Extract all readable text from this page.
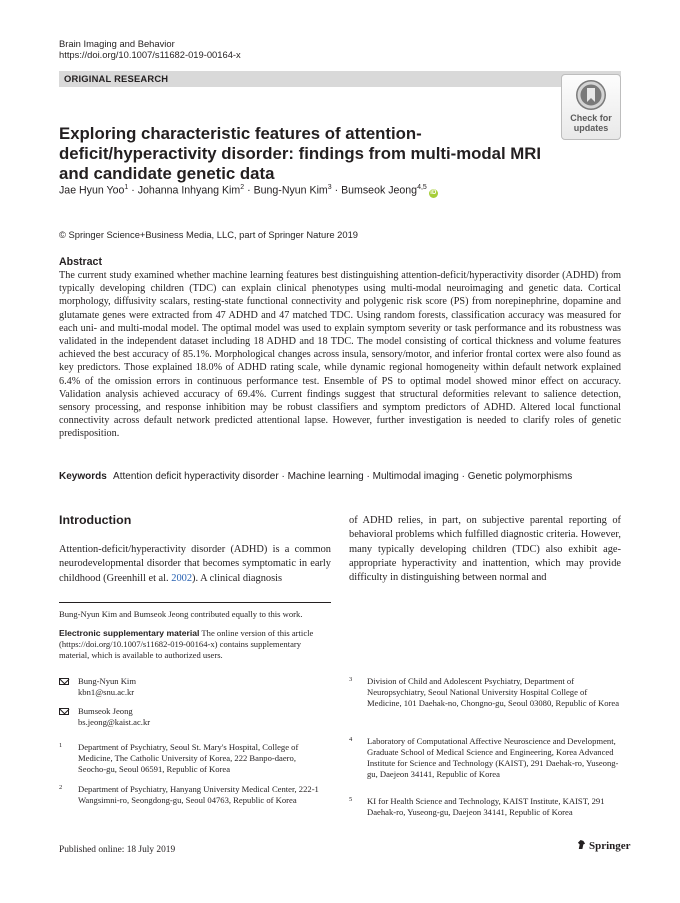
Brain Imaging and Behavior
https://doi.org/10.1007/s11682-019-00164-x
ORIGINAL RESEARCH
Check for
updates
Exploring characteristic features of attention-deficit/hyperactivity disorder: findings from multi-modal MRI and candidate genetic data
Jae Hyun Yoo$^1$ · Johanna Inhyang Kim$^2$ · Bung-Nyun Kim$^3$ · Bumseok Jeong$^{4,5}$iD
© Springer Science+Business Media, LLC, part of Springer Nature 2019
Abstract
The current study examined whether machine learning features best distinguishing attention-deficit/hyperactivity disorder (ADHD) from typically developing children (TDC) can explain clinical phenotypes using multi-modal neuroimaging and genetic data. Cortical morphology, diffusivity scalars, resting-state functional connectivity and polygenic risk score (PS) from norepinephrine, dopamine and glutamate genes were extracted from 47 ADHD and 47 matched TDC. Using random forests, classification accuracy was measured for each uni- and multi-modal model. The optimal model was used to explain symptom severity or task performance and its robustness was validated in the independent dataset including 18 ADHD and 18 TDC. The model consisting of cortical thickness and volume features achieved the best accuracy of 85.1%. Morphological changes across insula, sensory/motor, and inferior frontal cortex were also found as key predictors. Those explained 18.0% of ADHD rating scale, while dynamic regional homogeneity within default network explained 6.4% of the omission errors in continuous performance test. Ensemble of PS to optimal model showed minor effect on accuracy. Validation analysis achieved accuracy of 69.4%. Current findings suggest that structural deformities relevant to salience detection, sensory processing, and response inhibition may be robust classifiers and symptom predictors of ADHD. Altered local functional connectivity across default network predicted attentional lapse. However, further investigation is needed to clarify roles of genetic predisposition.
Keywords Attention deficit hyperactivity disorder · Machine learning · Multimodal imaging · Genetic polymorphisms
Introduction
Attention-deficit/hyperactivity disorder (ADHD) is a common neurodevelopmental disorder that becomes symptomatic in early childhood (Greenhill et al. 2002). A clinical diagnosis
of ADHD relies, in part, on subjective parental reporting of behavioral problems which fulfilled diagnostic criteria. However, many typically developing children (TDC) also exhibit age-appropriate hyperactivity and inattention, which may provide difficulty in distinguishing between normal and
Bung-Nyun Kim and Bumseok Jeong contributed equally to this work.
Electronic supplementary material The online version of this article (https://doi.org/10.1007/s11682-019-00164-x) contains supplementary material, which is available to authorized users.
Bung-Nyun Kim
kbn1@snu.ac.kr
Bumseok Jeong
bs.jeong@kaist.ac.kr
1 Department of Psychiatry, Seoul St. Mary's Hospital, College of Medicine, The Catholic University of Korea, 222 Banpo-daero, Seocho-gu, Seoul 06591, Republic of Korea
2 Department of Psychiatry, Hanyang University Medical Center, 222-1 Wangsimni-ro, Seongdong-gu, Seoul 04763, Republic of Korea
3 Division of Child and Adolescent Psychiatry, Department of Neuropsychiatry, Seoul National University Hospital College of Medicine, 101 Daehak-no, Chongno-gu, Seoul 03080, Republic of Korea
4 Laboratory of Computational Affective Neuroscience and Development, Graduate School of Medical Science and Engineering, Korea Advanced Institute for Science and Technology (KAIST), 291 Daehak-ro, Yuseong-gu, Daejeon 34141, Republic of Korea
5 KI for Health Science and Technology, KAIST Institute, KAIST, 291 Daehak-ro, Yuseong-gu, Daejeon 34141, Republic of Korea
Published online: 18 July 2019	Springer
